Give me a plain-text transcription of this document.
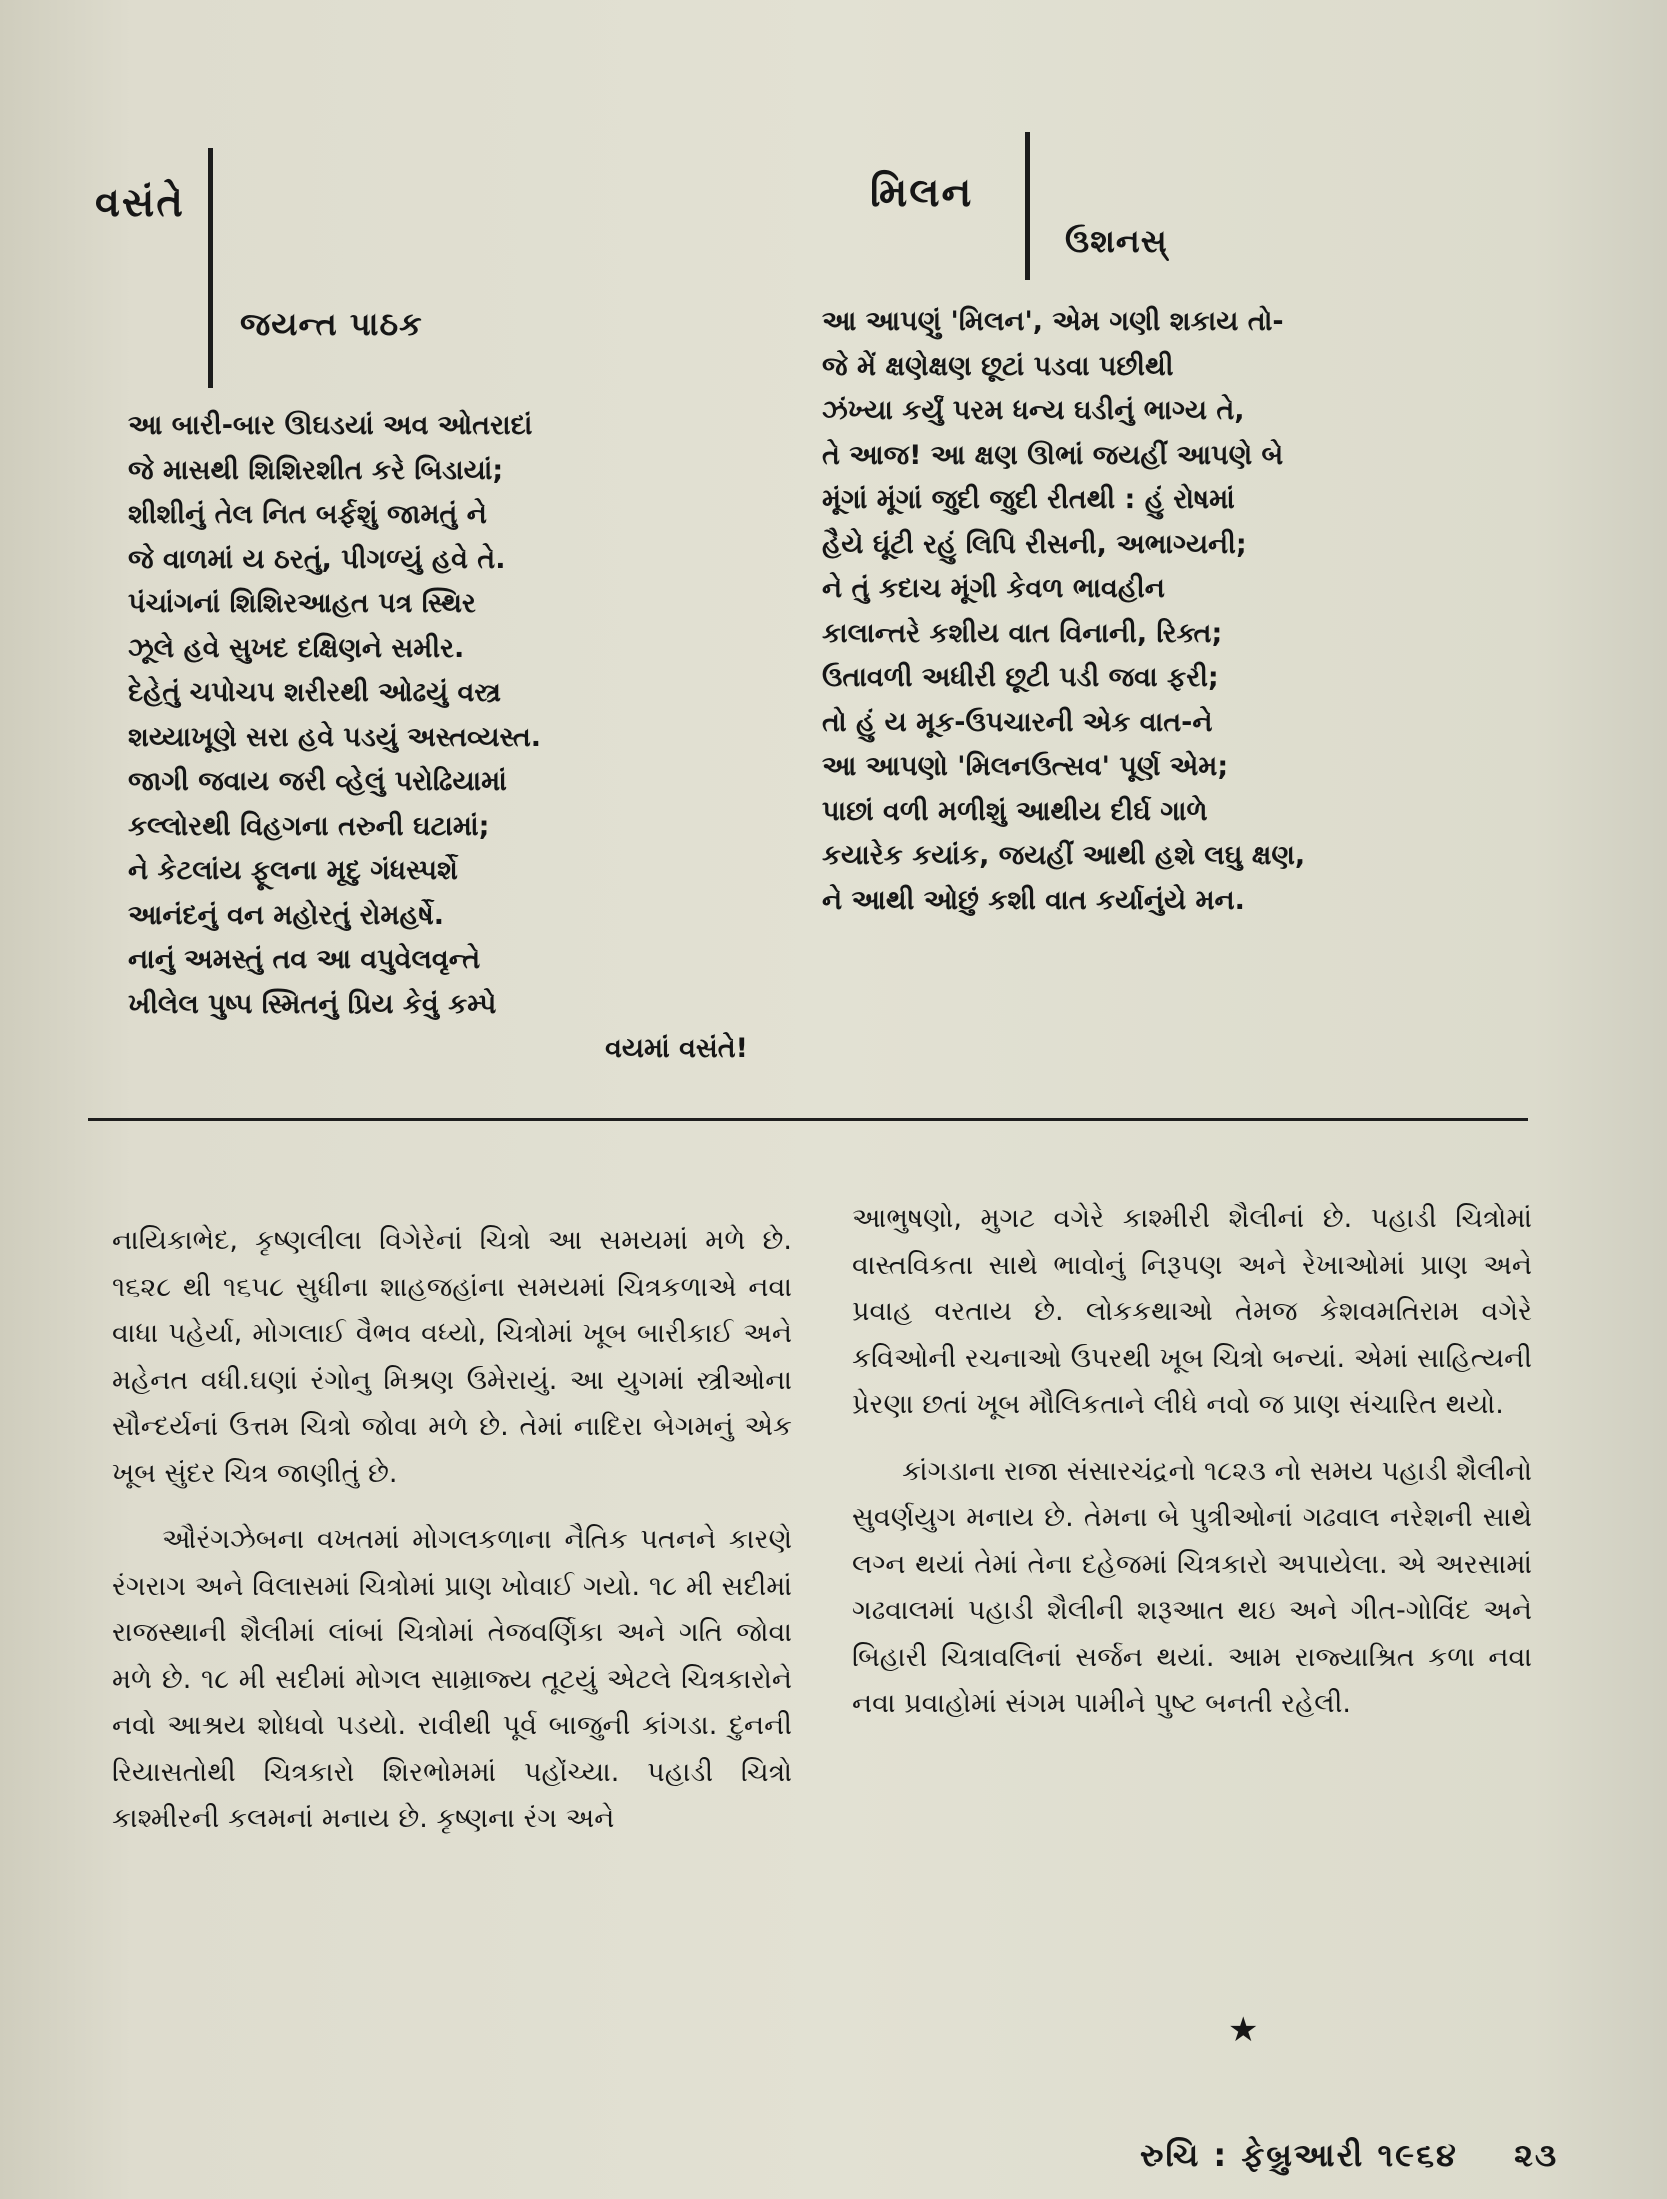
વસંતે
જયન્ત પાઠક
આ બારી-બાર ઊઘડયાં અવ ઓતરાદાં
જે માસથી શિશિરશીત કરે બિડાયાં;
શીશીનું તેલ નિત બર્ફશું જામતું ને
જે વાળમાં ય ઠરતું, પીગળ્યું હવે તે.
પંચાંગનાં શિશિરઆહત પત્ર સ્થિર
ઝૂલે હવે સુખદ દક્ષિણને સમીર.
દેહેતું ચપોચપ શરીરથી ઓઢયું વસ્ત્ર
શય્યાખૂણે સરા હવે પડયું અસ્તવ્યસ્ત.
જાગી જવાય જરી વ્હેલું પરોઢિયામાં
કલ્લોરથી વિહગના તરુની ઘટામાં;
ને કેટલાંય ફૂલના મૃદુ ગંધસ્પર્શે
આનંદનું વન મહોરતું રોમહર્ષે.
નાનું અમસ્તું તવ આ વપુવેલવૃન્તે
ખીલેલ પુષ્પ સ્મિતનું પ્રિય કેવું કમ્પે
વયમાં વસંતે!
મિલન
ઉશનસ્
આ આપણું 'મિલન', એમ ગણી શકાય તો-
જે મેં ક્ષણેક્ષણ છૂટાં પડવા પછીથી
ઝંખ્યા કર્યું પરમ ધન્ય ઘડીનું ભાગ્ય તે,
તે આજ! આ ક્ષણ ઊભાં જયહીં આપણે બે
મૂંગાં મૂંગાં જુદી જુદી રીતથી : હું રોષમાં
હૈયે ઘૂંટી રહું લિપિ રીસની, અભાગ્યની;
ને તું કદાચ મૂંગી કેવળ ભાવહીન
કાલાન્તરે કશીય વાત વિનાની, રિક્ત;
ઉતાવળી અધીરી છૂટી પડી જવા ફરી;
તો હું ય મૂક-ઉપચારની એક વાત-ને
આ આપણો 'મિલનઉત્સવ' પૂર્ણ એમ;
પાછાં વળી મળીશું આથીય દીર્ઘ ગાળે
કયારેક કયાંક, જયહીં આથી હશે લઘુ ક્ષણ,
ને આથી ઓછું કશી વાત કર્યાનુંયે મન.

નાયિકાભેદ, કૃષ્ણલીલા વિગેરેનાં ચિત્રો આ સમયમાં મળે છે. ૧૬૨૮ થી ૧૬૫૮ સુધીના શાહજહાંના સમયમાં ચિત્રકળાએ નવા વાધા પહેર્યા, મોગલાઈ વૈભવ વધ્યો, ચિત્રોમાં ખૂબ બારીકાઈ અને મહેનત વધી.ઘણાં રંગોનુ મિશ્રણ ઉમેરાયું. આ યુગમાં સ્ત્રીઓના સૌન્દર્યનાં ઉત્તમ ચિત્રો જોવા મળે છે. તેમાં નાદિરા બેગમનું એક ખૂબ સુંદર ચિત્ર જાણીતું છે.

ઔરંગઝેબના વખતમાં મોગલકળાના નૈતિક પતનને કારણે રંગરાગ અને વિલાસમાં ચિત્રોમાં પ્રાણ ખોવાઈ ગયો. ૧૮ મી સદીમાં રાજસ્થાની શૈલીમાં લાંબાં ચિત્રોમાં તેજવર્ણિકા અને ગતિ જોવા મળે છે. ૧૮ મી સદીમાં મોગલ સામ્રાજ્ય તૂટયું એટલે ચિત્રકારોને નવો આશ્રય શોધવો પડયો. રાવીથી પૂર્વ બાજુની કાંગડા. દુનની રિયાસતોથી ચિત્રકારો શિરભોમમાં પહોંચ્યા. પહાડી ચિત્રો કાશ્મીરની કલમનાં મનાય છે. કૃષ્ણના રંગ અને

આભુષણો, મુગટ વગેરે કાશ્મીરી શૈલીનાં છે. પહાડી ચિત્રોમાં વાસ્તવિકતા સાથે ભાવોનું નિરૂપણ અને રેખાઓમાં પ્રાણ અને પ્રવાહ વરતાય છે. લોકકથાઓ તેમજ કેશવમતિરામ વગેરે કવિઓની રચનાઓ ઉપરથી ખૂબ ચિત્રો બન્યાં. એમાં સાહિત્યની પ્રેરણા છતાં ખૂબ મૌલિકતાને લીધે નવો જ પ્રાણ સંચારિત થયો.

કાંગડાના રાજા સંસારચંદ્રનો ૧૮૨૩ નો સમય પહાડી શૈલીનો સુવર્ણયુગ મનાય છે. તેમના બે પુત્રીઓનાં ગઢવાલ નરેશની સાથે લગ્ન થયાં તેમાં તેના દહેજમાં ચિત્રકારો અપાયેલા. એ અરસામાં ગઢવાલમાં પહાડી શૈલીની શરૂઆત થઇ અને ગીત-ગોવિંદ અને બિહારી ચિત્રાવલિનાં સર્જન થયાં. આમ રાજ્યાશ્રિત કળા નવા નવા પ્રવાહોમાં સંગમ પામીને પુષ્ટ બનતી રહેલી.

★
રુચિ : ફેબ્રુઆરી ૧૯૬૪ ૨૩
